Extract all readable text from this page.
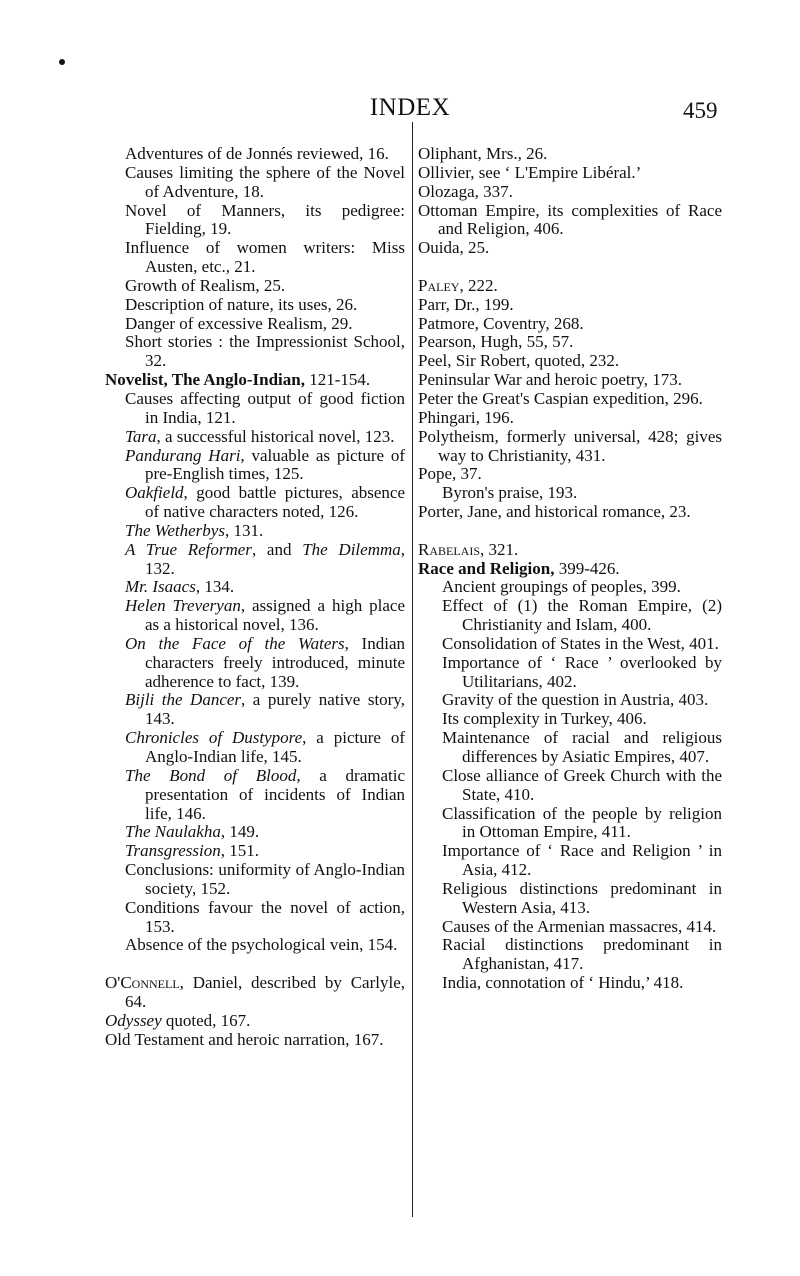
INDEX	459
Adventures of de Jonnés reviewed, 16.
Causes limiting the sphere of the Novel of Adventure, 18.
Novel of Manners, its pedigree: Fielding, 19.
Influence of women writers: Miss Austen, etc., 21.
Growth of Realism, 25.
Description of nature, its uses, 26.
Danger of excessive Realism, 29.
Short stories : the Impressionist School, 32.
Novelist, The Anglo-Indian, 121-154.
Causes affecting output of good fiction in India, 121.
Tara, a successful historical novel, 123.
Pandurang Hari, valuable as picture of pre-English times, 125.
Oakfield, good battle pictures, absence of native characters noted, 126.
The Wetherbys, 131.
A True Reformer, and The Dilemma, 132.
Mr. Isaacs, 134.
Helen Treveryan, assigned a high place as a historical novel, 136.
On the Face of the Waters, Indian characters freely introduced, minute adherence to fact, 139.
Bijli the Dancer, a purely native story, 143.
Chronicles of Dustypore, a picture of Anglo-Indian life, 145.
The Bond of Blood, a dramatic presentation of incidents of Indian life, 146.
The Naulakha, 149.
Transgression, 151.
Conclusions: uniformity of Anglo-Indian society, 152.
Conditions favour the novel of action, 153.
Absence of the psychological vein, 154.
O'Connell, Daniel, described by Carlyle, 64.
Odyssey quoted, 167.
Old Testament and heroic narration, 167.
Oliphant, Mrs., 26.
Ollivier, see ‘ L'Empire Libéral.’
Olozaga, 337.
Ottoman Empire, its complexities of Race and Religion, 406.
Ouida, 25.
Paley, 222.
Parr, Dr., 199.
Patmore, Coventry, 268.
Pearson, Hugh, 55, 57.
Peel, Sir Robert, quoted, 232.
Peninsular War and heroic poetry, 173.
Peter the Great's Caspian expedition, 296.
Phingari, 196.
Polytheism, formerly universal, 428; gives way to Christianity, 431.
Pope, 37.
Byron's praise, 193.
Porter, Jane, and historical romance, 23.
Rabelais, 321.
Race and Religion, 399-426.
Ancient groupings of peoples, 399.
Effect of (1) the Roman Empire, (2) Christianity and Islam, 400.
Consolidation of States in the West, 401.
Importance of ‘ Race ’ overlooked by Utilitarians, 402.
Gravity of the question in Austria, 403.
Its complexity in Turkey, 406.
Maintenance of racial and religious differences by Asiatic Empires, 407.
Close alliance of Greek Church with the State, 410.
Classification of the people by religion in Ottoman Empire, 411.
Importance of ‘ Race and Religion ’ in Asia, 412.
Religious distinctions predominant in Western Asia, 413.
Causes of the Armenian massacres, 414.
Racial distinctions predominant in Afghanistan, 417.
India, connotation of ‘ Hindu,’ 418.
